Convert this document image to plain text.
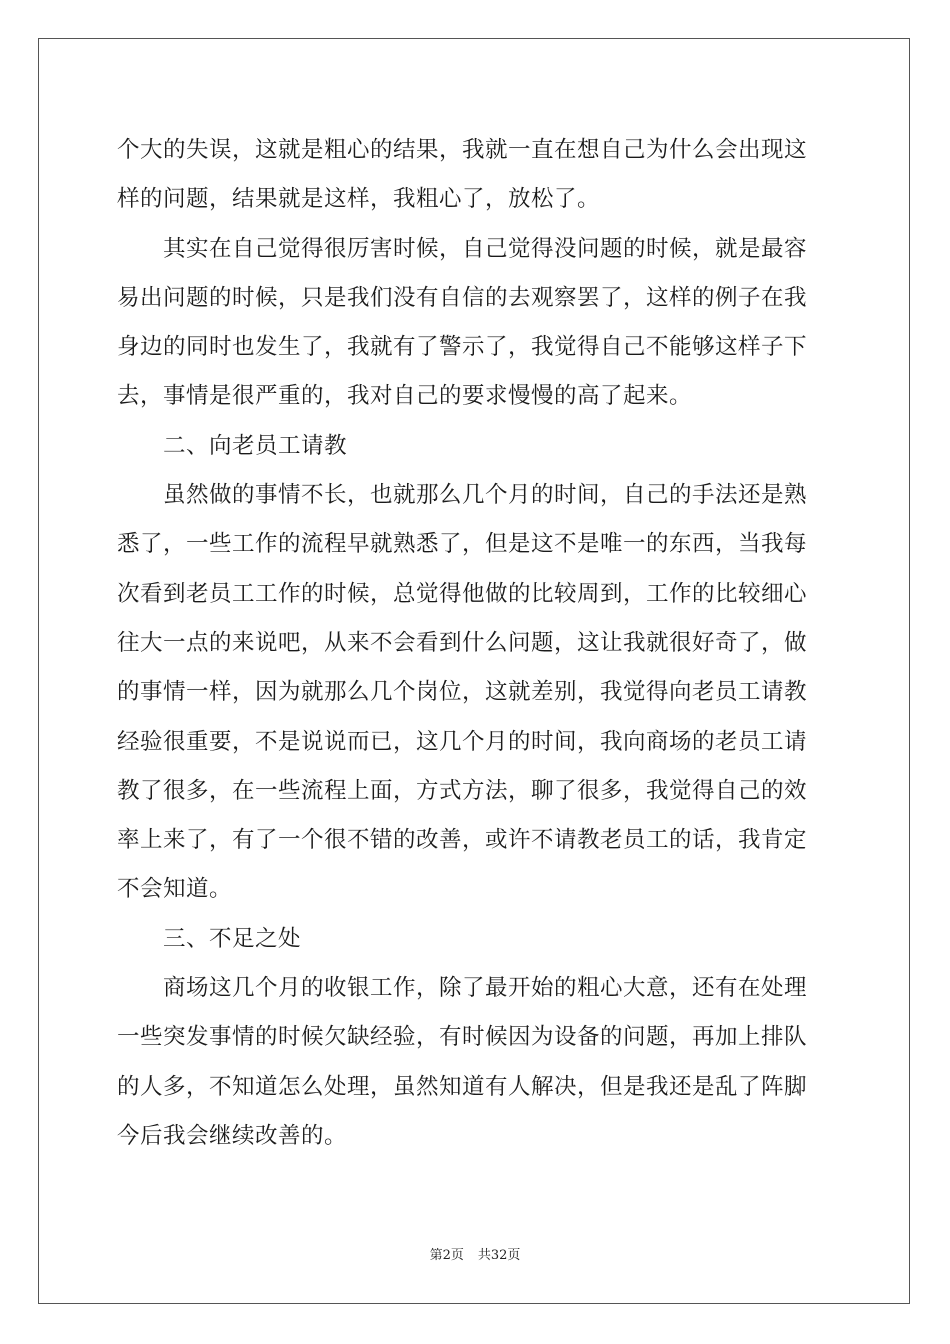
个大的失误，这就是粗心的结果，我就一直在想自己为什么会出现这
样的问题，结果就是这样，我粗心了，放松了。
　　其实在自己觉得很厉害时候，自己觉得没问题的时候，就是最容
易出问题的时候，只是我们没有自信的去观察罢了，这样的例子在我
身边的同时也发生了，我就有了警示了，我觉得自己不能够这样子下
去，事情是很严重的，我对自己的要求慢慢的高了起来。
　　二、向老员工请教
　　虽然做的事情不长，也就那么几个月的时间，自己的手法还是熟
悉了，一些工作的流程早就熟悉了，但是这不是唯一的东西，当我每
次看到老员工工作的时候，总觉得他做的比较周到，工作的比较细心
往大一点的来说吧，从来不会看到什么问题，这让我就很好奇了，做
的事情一样，因为就那么几个岗位，这就差别，我觉得向老员工请教
经验很重要，不是说说而已，这几个月的时间，我向商场的老员工请
教了很多，在一些流程上面，方式方法，聊了很多，我觉得自己的效
率上来了，有了一个很不错的改善，或许不请教老员工的话，我肯定
不会知道。
　　三、不足之处
　　商场这几个月的收银工作，除了最开始的粗心大意，还有在处理
一些突发事情的时候欠缺经验，有时候因为设备的问题，再加上排队
的人多，不知道怎么处理，虽然知道有人解决，但是我还是乱了阵脚
今后我会继续改善的。
第2页 共32页
